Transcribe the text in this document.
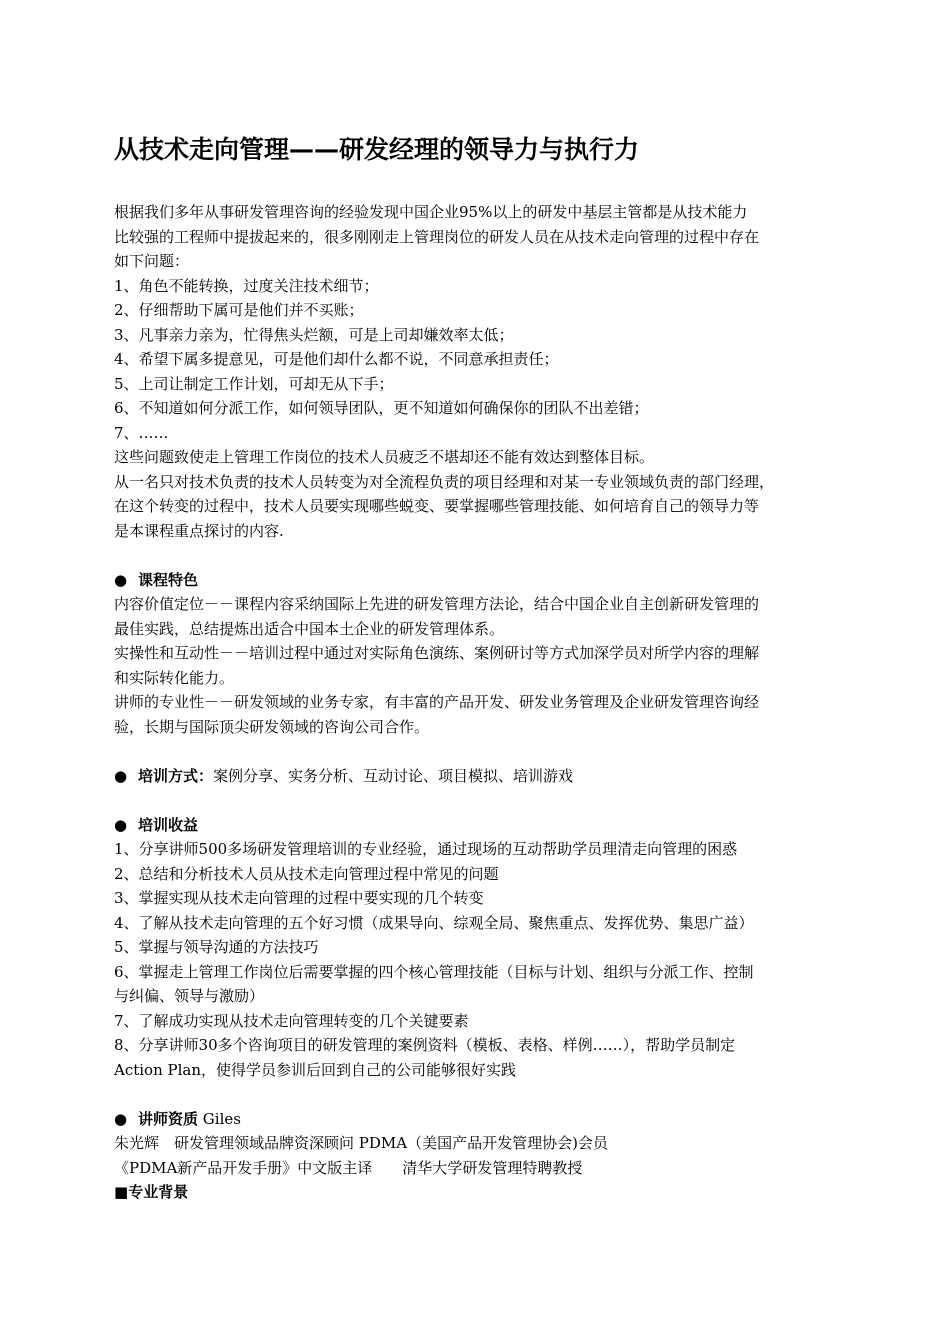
从技术走向管理——研发经理的领导力与执行力
根据我们多年从事研发管理咨询的经验发现中国企业95%以上的研发中基层主管都是从技术能力
比较强的工程师中提拔起来的，很多刚刚走上管理岗位的研发人员在从技术走向管理的过程中存在
如下问题：
1、角色不能转换，过度关注技术细节；
2、仔细帮助下属可是他们并不买账；
3、凡事亲力亲为，忙得焦头烂额，可是上司却嫌效率太低；
4、希望下属多提意见，可是他们却什么都不说，不同意承担责任；
5、上司让制定工作计划，可却无从下手；
6、不知道如何分派工作，如何领导团队，更不知道如何确保你的团队不出差错；
7、……
这些问题致使走上管理工作岗位的技术人员疲乏不堪却还不能有效达到整体目标。
从一名只对技术负责的技术人员转变为对全流程负责的项目经理和对某一专业领域负责的部门经理，
在这个转变的过程中，技术人员要实现哪些蜕变、要掌握哪些管理技能、如何培育自己的领导力等
是本课程重点探讨的内容.
● 课程特色
内容价值定位－－课程内容采纳国际上先进的研发管理方法论，结合中国企业自主创新研发管理的
最佳实践，总结提炼出适合中国本土企业的研发管理体系。
实操性和互动性－－培训过程中通过对实际角色演练、案例研讨等方式加深学员对所学内容的理解
和实际转化能力。
讲师的专业性－－研发领域的业务专家，有丰富的产品开发、研发业务管理及企业研发管理咨询经
验，长期与国际顶尖研发领域的咨询公司合作。
● 培训方式：案例分享、实务分析、互动讨论、项目模拟、培训游戏
● 培训收益
1、分享讲师500多场研发管理培训的专业经验，通过现场的互动帮助学员理清走向管理的困惑
2、总结和分析技术人员从技术走向管理过程中常见的问题
3、掌握实现从技术走向管理的过程中要实现的几个转变
4、了解从技术走向管理的五个好习惯（成果导向、综观全局、聚焦重点、发挥优势、集思广益）
5、掌握与领导沟通的方法技巧
6、掌握走上管理工作岗位后需要掌握的四个核心管理技能（目标与计划、组织与分派工作、控制
与纠偏、领导与激励）
7、了解成功实现从技术走向管理转变的几个关键要素
8、分享讲师30多个咨询项目的研发管理的案例资料（模板、表格、样例……），帮助学员制定
Action Plan，使得学员参训后回到自己的公司能够很好实践
● 讲师资质 Giles
朱光辉　研发管理领域品牌资深顾问 PDMA（美国产品开发管理协会)会员
《PDMA新产品开发手册》中文版主译　　清华大学研发管理特聘教授
■专业背景
